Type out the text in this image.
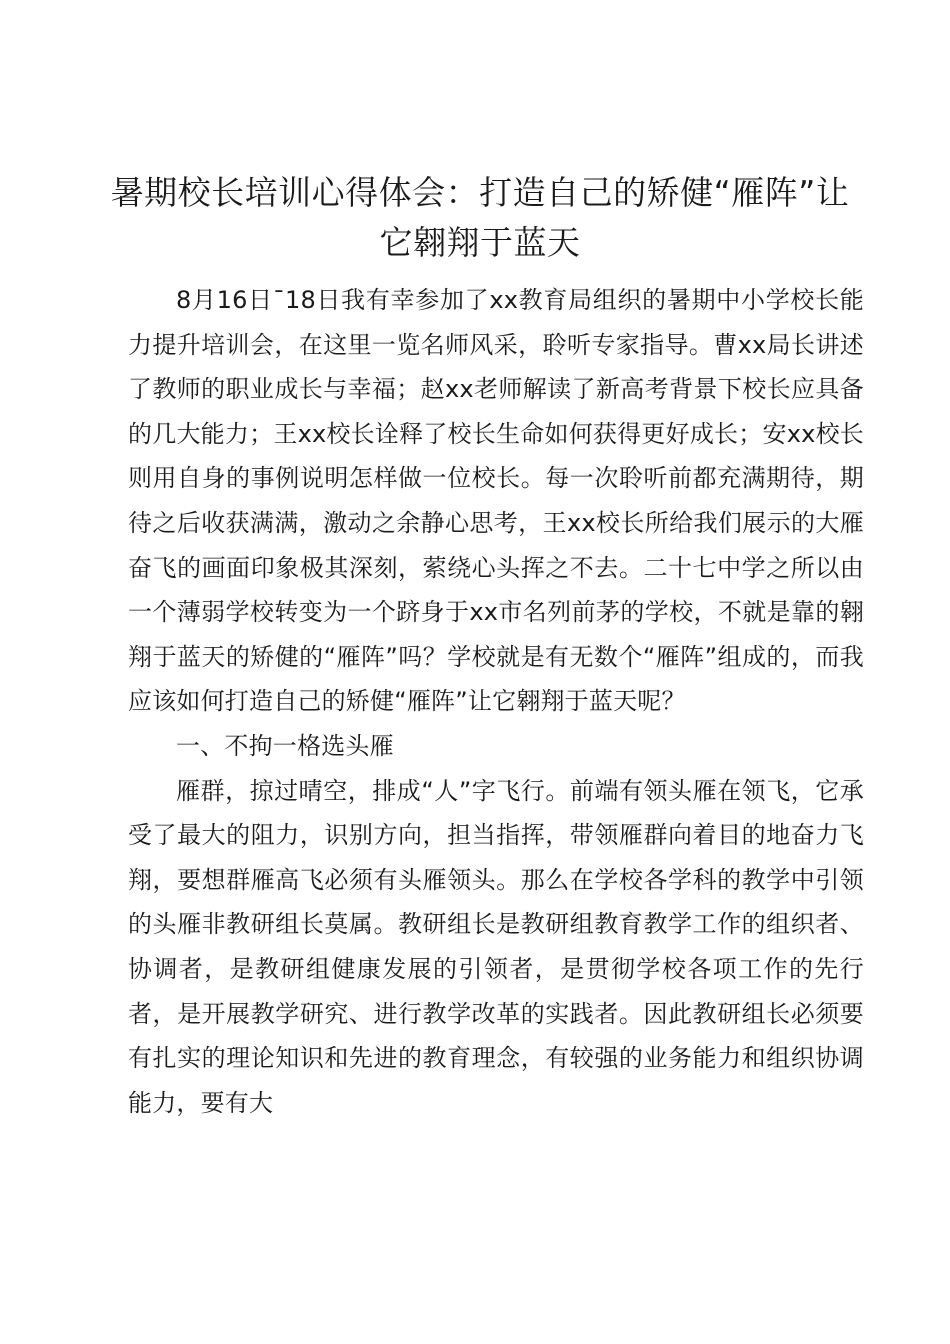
暑期校长培训心得体会：打造自己的矫健“雁阵”让它翱翔于蓝天

8月16日¯18日我有幸参加了xx教育局组织的暑期中小学校长能力提升培训会，在这里一览名师风采，聆听专家指导。曹xx局长讲述了教师的职业成长与幸福；赵xx老师解读了新高考背景下校长应具备的几大能力；王xx校长诠释了校长生命如何获得更好成长；安xx校长则用自身的事例说明怎样做一位校长。每一次聆听前都充满期待，期待之后收获满满，激动之余静心思考，王xx校长所给我们展示的大雁奋飞的画面印象极其深刻，萦绕心头挥之不去。二十七中学之所以由一个薄弱学校转变为一个跻身于xx市名列前茅的学校，不就是靠的翱翔于蓝天的矫健的“雁阵”吗？学校就是有无数个“雁阵”组成的，而我应该如何打造自己的矫健“雁阵”让它翱翔于蓝天呢？

一、不拘一格选头雁

雁群，掠过晴空，排成“人”字飞行。前端有领头雁在领飞，它承受了最大的阻力，识别方向，担当指挥，带领雁群向着目的地奋力飞翔，要想群雁高飞必须有头雁领头。那么在学校各学科的教学中引领的头雁非教研组长莫属。教研组长是教研组教育教学工作的组织者、协调者，是教研组健康发展的引领者，是贯彻学校各项工作的先行者，是开展教学研究、进行教学改革的实践者。因此教研组长必须要有扎实的理论知识和先进的教育理念，有较强的业务能力和组织协调能力，要有大
